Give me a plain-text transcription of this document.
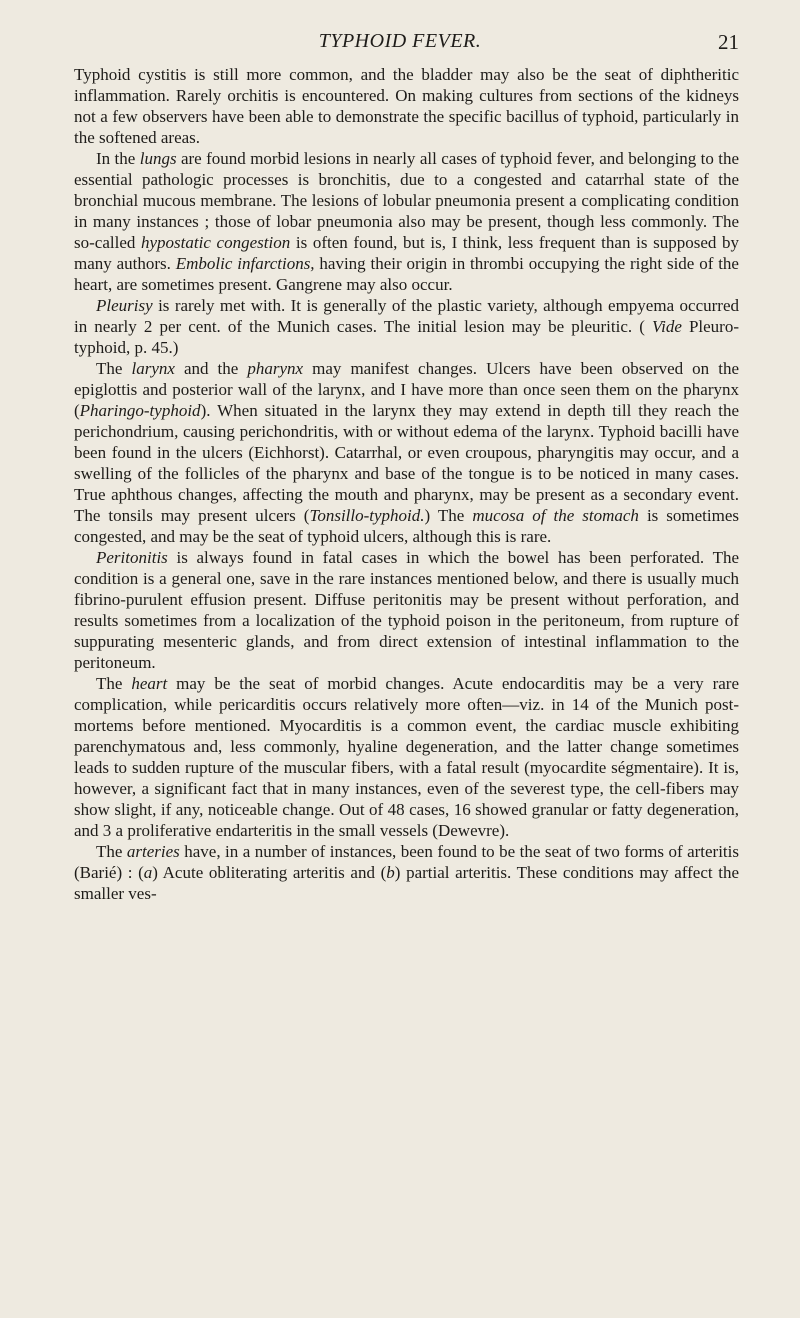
TYPHOID FEVER.	21

Typhoid cystitis is still more common, and the bladder may also be the seat of diphtheritic inflammation. Rarely orchitis is encountered. On making cultures from sections of the kidneys not a few observers have been able to demonstrate the specific bacillus of typhoid, particularly in the softened areas.

In the lungs are found morbid lesions in nearly all cases of typhoid fever, and belonging to the essential pathologic processes is bronchitis, due to a congested and catarrhal state of the bronchial mucous membrane. The lesions of lobular pneumonia present a complicating condition in many instances ; those of lobar pneumonia also may be present, though less commonly. The so-called hypostatic congestion is often found, but is, I think, less frequent than is supposed by many authors. Embolic infarctions, having their origin in thrombi occupying the right side of the heart, are sometimes present. Gangrene may also occur.

Pleurisy is rarely met with. It is generally of the plastic variety, although empyema occurred in nearly 2 per cent. of the Munich cases. The initial lesion may be pleuritic. ( Vide Pleuro-typhoid, p. 45.)

The larynx and the pharynx may manifest changes. Ulcers have been observed on the epiglottis and posterior wall of the larynx, and I have more than once seen them on the pharynx (Pharingo-typhoid). When situated in the larynx they may extend in depth till they reach the perichondrium, causing perichondritis, with or without edema of the larynx. Typhoid bacilli have been found in the ulcers (Eichhorst). Catarrhal, or even croupous, pharyngitis may occur, and a swelling of the follicles of the pharynx and base of the tongue is to be noticed in many cases. True aphthous changes, affecting the mouth and pharynx, may be present as a secondary event. The tonsils may present ulcers (Tonsillo-typhoid.) The mucosa of the stomach is sometimes congested, and may be the seat of typhoid ulcers, although this is rare.

Peritonitis is always found in fatal cases in which the bowel has been perforated. The condition is a general one, save in the rare instances mentioned below, and there is usually much fibrino-purulent effusion present. Diffuse peritonitis may be present without perforation, and results sometimes from a localization of the typhoid poison in the peritoneum, from rupture of suppurating mesenteric glands, and from direct extension of intestinal inflammation to the peritoneum.

The heart may be the seat of morbid changes. Acute endocarditis may be a very rare complication, while pericarditis occurs relatively more often—viz. in 14 of the Munich post-mortems before mentioned. Myocarditis is a common event, the cardiac muscle exhibiting parenchymatous and, less commonly, hyaline degeneration, and the latter change sometimes leads to sudden rupture of the muscular fibers, with a fatal result (myocardite ségmentaire). It is, however, a significant fact that in many instances, even of the severest type, the cell-fibers may show slight, if any, noticeable change. Out of 48 cases, 16 showed granular or fatty degeneration, and 3 a proliferative endarteritis in the small vessels (Dewevre).

The arteries have, in a number of instances, been found to be the seat of two forms of arteritis (Barié) : (a) Acute obliterating arteritis and (b) partial arteritis. These conditions may affect the smaller ves-
